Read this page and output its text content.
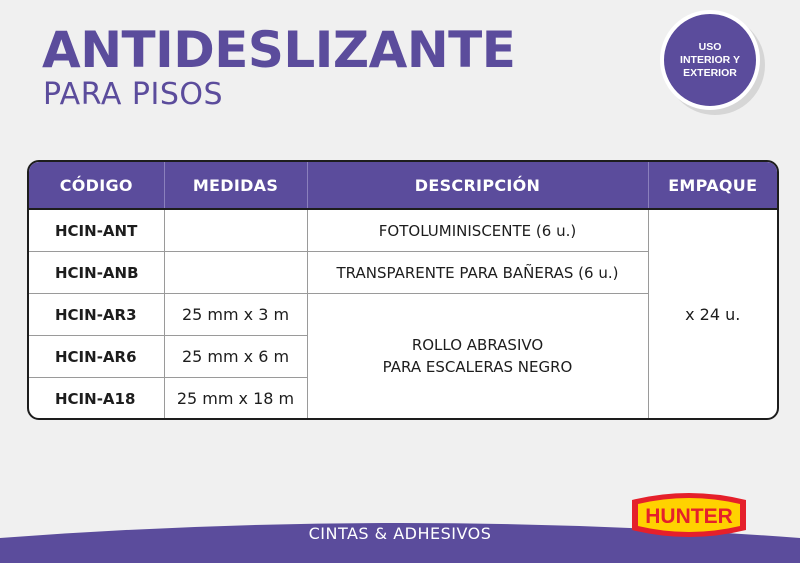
ANTIDESLIZANTE
PARA PISOS
USO
INTERIOR Y
EXTERIOR
CÓDIGO	MEDIDAS	DESCRIPCIÓN	EMPAQUE
HCIN-ANT		FOTOLUMINISCENTE (6 u.)	x 24 u.
HCIN-ANB		TRANSPARENTE PARA BAÑERAS (6 u.)	
HCIN-AR3	25 mm x 3 m	ROLLO ABRASIVO
PARA ESCALERAS NEGRO	
HCIN-AR6	25 mm x 6 m		
HCIN-A18	25 mm x 18 m		
CINTAS & ADHESIVOS
HUNTER
